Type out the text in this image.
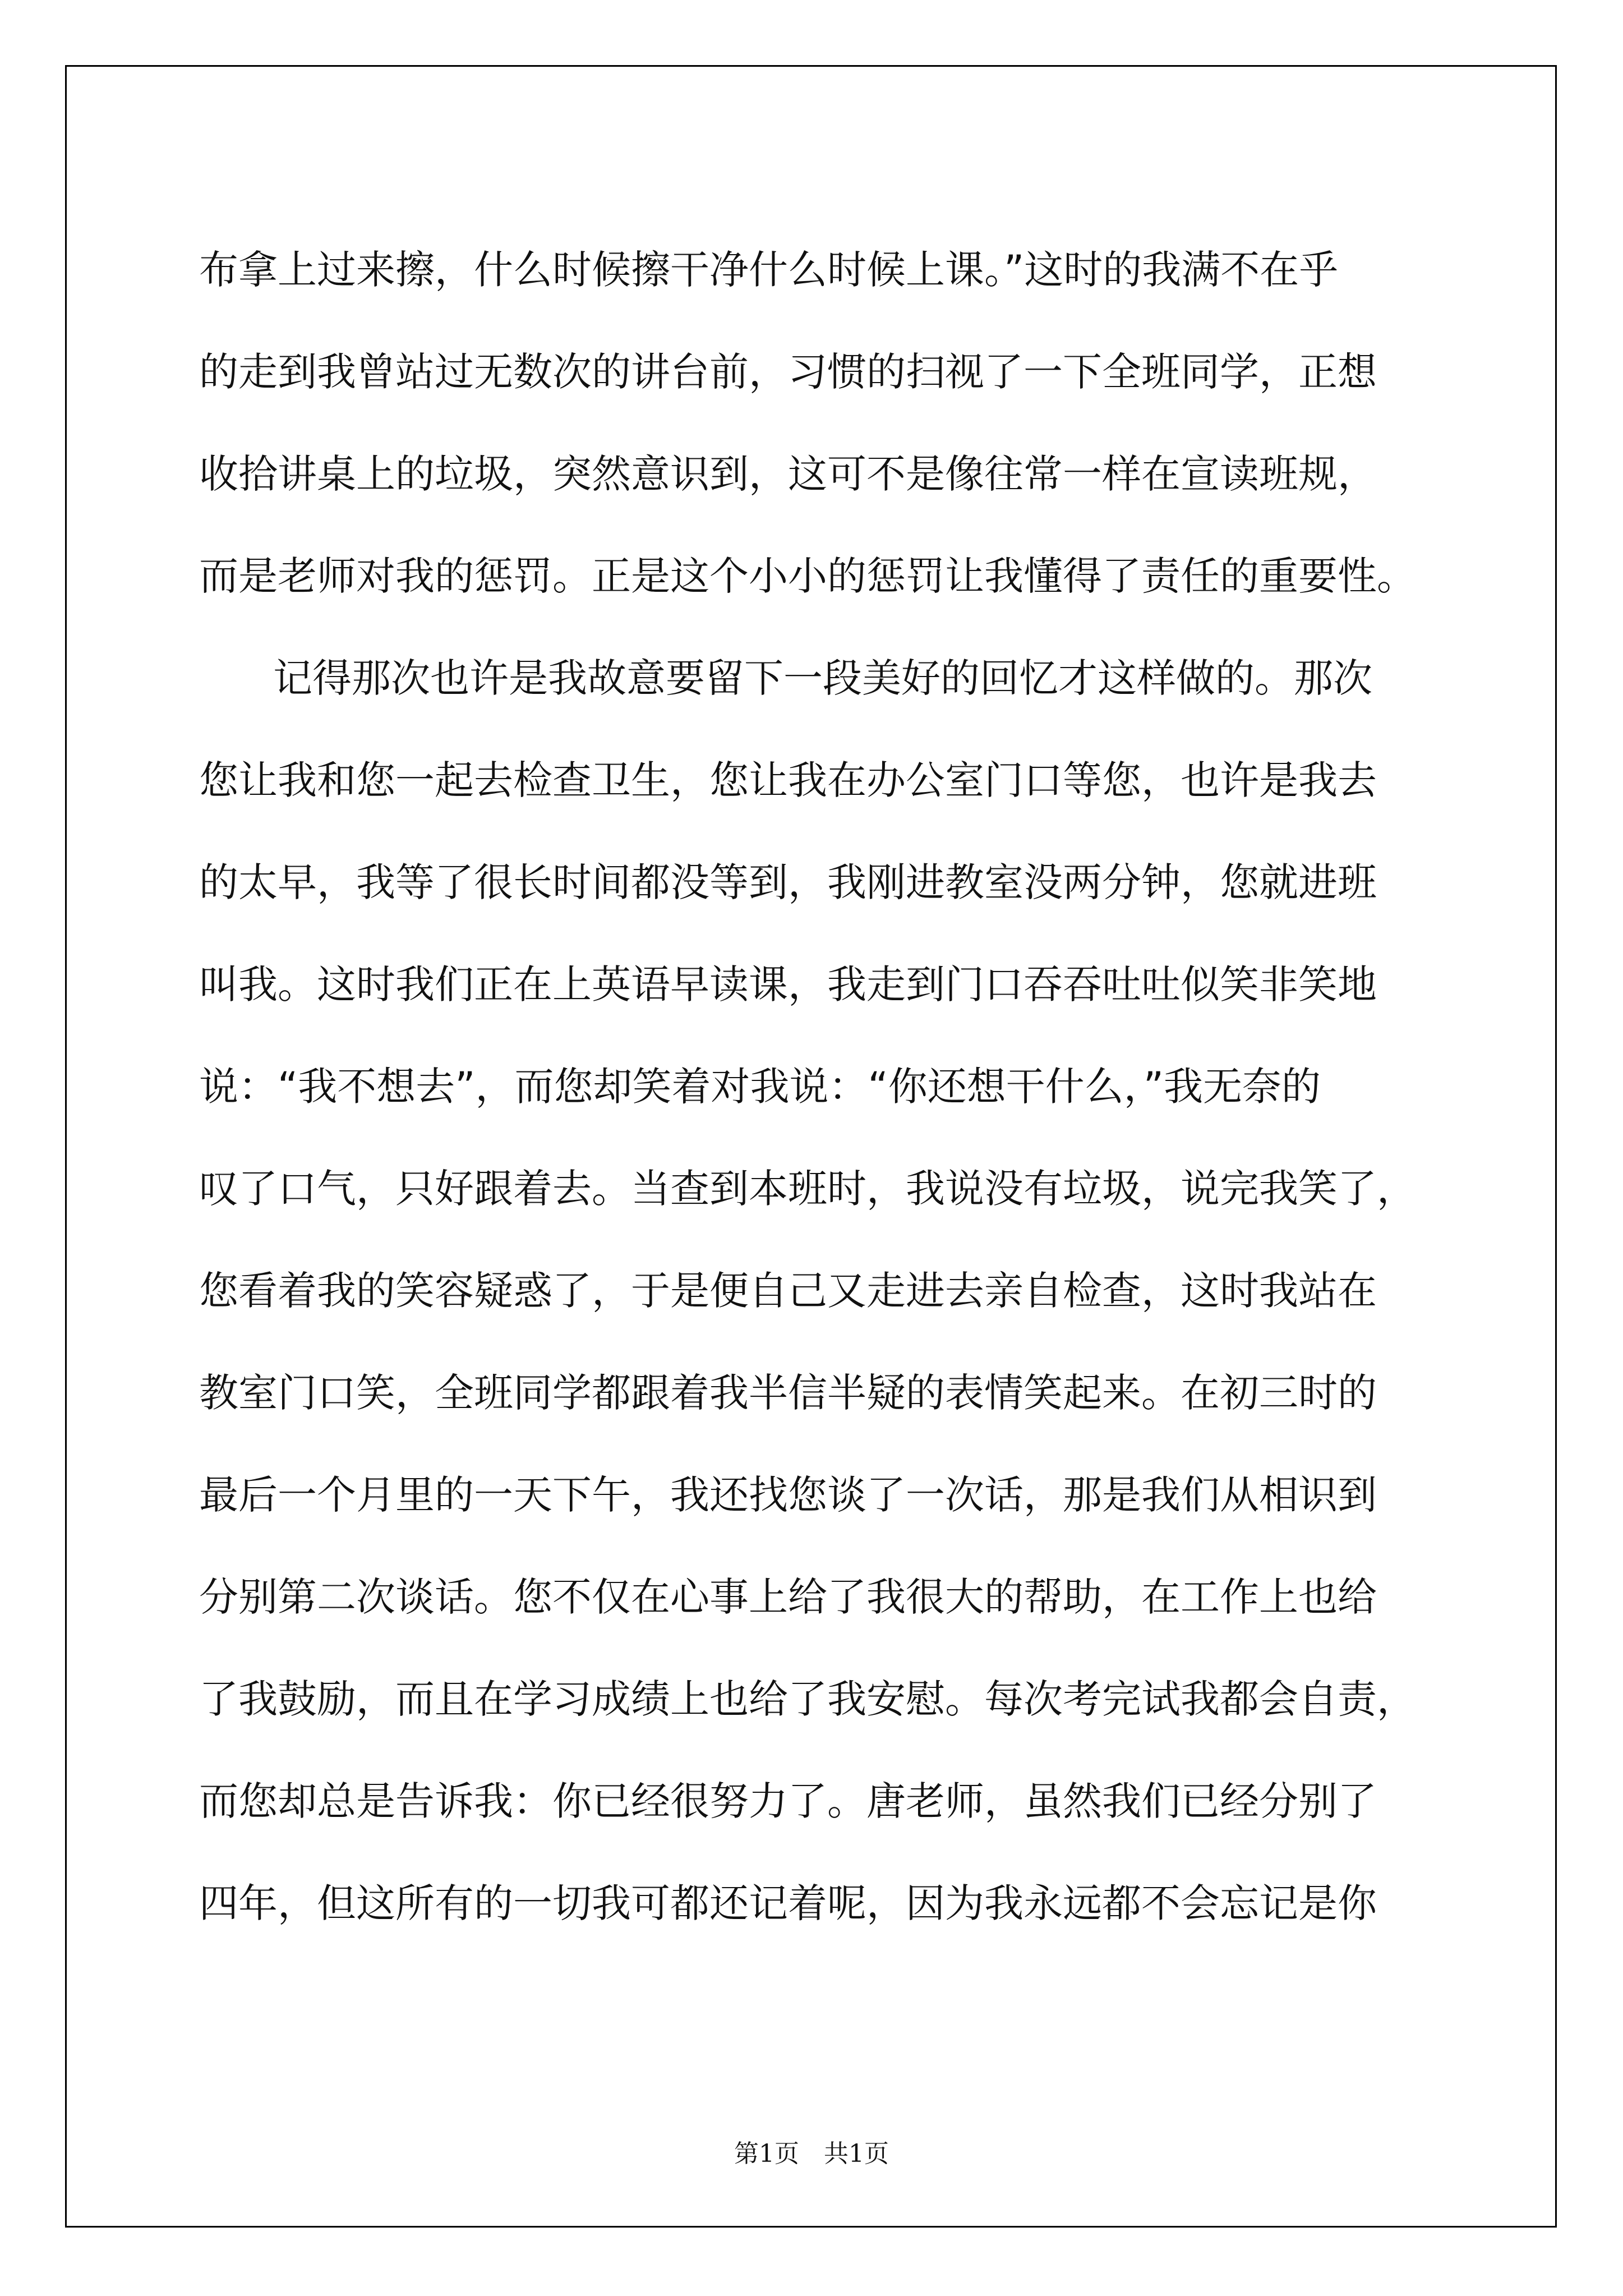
布拿上过来擦，什么时候擦干净什么时候上课。”这时的我满不在乎
的走到我曾站过无数次的讲台前，习惯的扫视了一下全班同学，正想
收拾讲桌上的垃圾，突然意识到，这可不是像往常一样在宣读班规，
而是老师对我的惩罚。正是这个小小的惩罚让我懂得了责任的重要性。
记得那次也许是我故意要留下一段美好的回忆才这样做的。那次
您让我和您一起去检查卫生，您让我在办公室门口等您，也许是我去
的太早，我等了很长时间都没等到，我刚进教室没两分钟，您就进班
叫我。这时我们正在上英语早读课，我走到门口吞吞吐吐似笑非笑地
说：“我不想去”，而您却笑着对我说：“你还想干什么，”我无奈的
叹了口气，只好跟着去。当查到本班时，我说没有垃圾，说完我笑了，
您看着我的笑容疑惑了，于是便自己又走进去亲自检查，这时我站在
教室门口笑，全班同学都跟着我半信半疑的表情笑起来。在初三时的
最后一个月里的一天下午，我还找您谈了一次话，那是我们从相识到
分别第二次谈话。您不仅在心事上给了我很大的帮助，在工作上也给
了我鼓励，而且在学习成绩上也给了我安慰。每次考完试我都会自责，
而您却总是告诉我：你已经很努力了。唐老师，虽然我们已经分别了
四年，但这所有的一切我可都还记着呢，因为我永远都不会忘记是你
第1页　共1页
